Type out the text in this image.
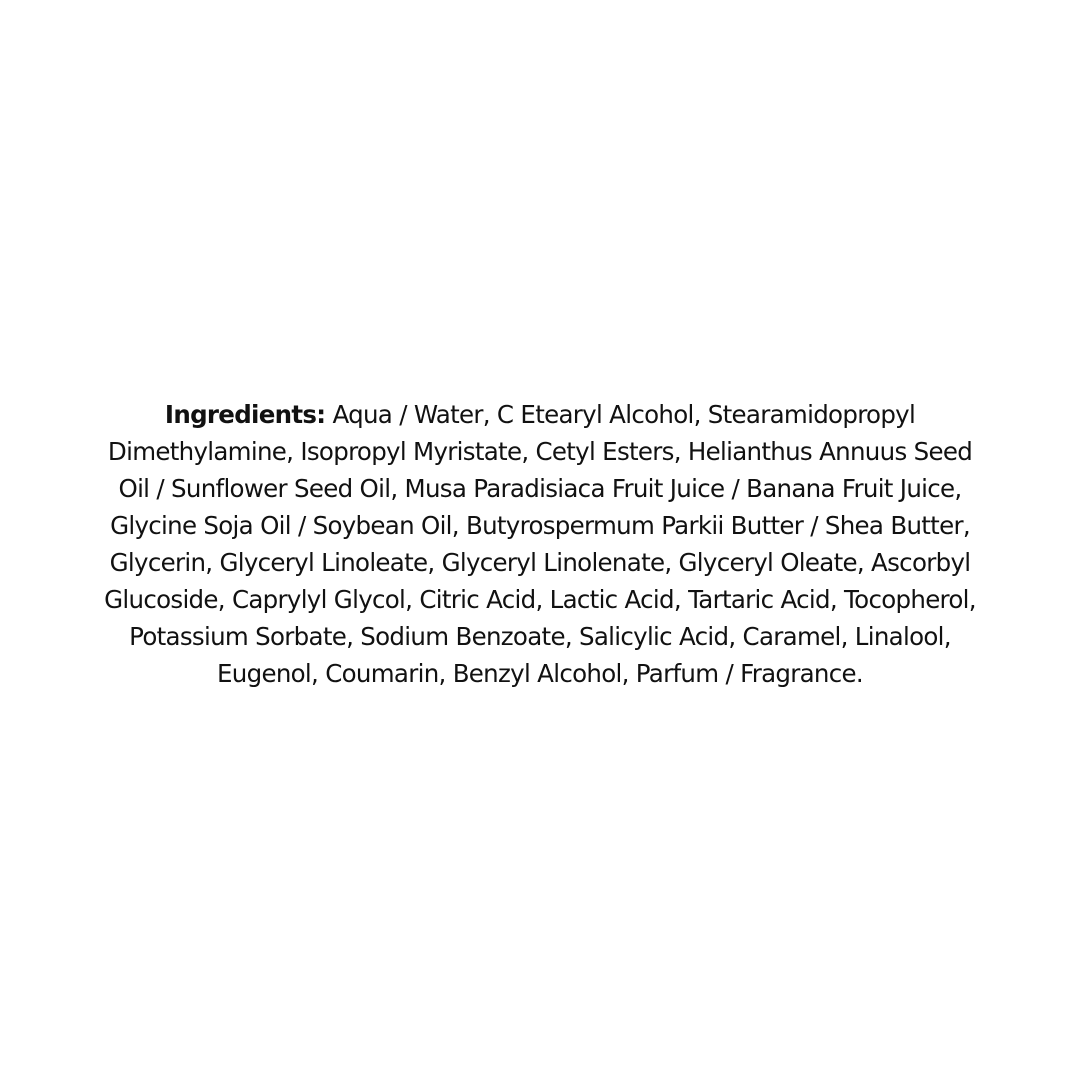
Ingredients: Aqua / Water, C Etearyl Alcohol, Stearamidopropyl Dimethylamine, Isopropyl Myristate, Cetyl Esters, Helianthus Annuus Seed Oil / Sunflower Seed Oil, Musa Paradisiaca Fruit Juice / Banana Fruit Juice, Glycine Soja Oil / Soybean Oil, Butyrospermum Parkii Butter / Shea Butter, Glycerin, Glyceryl Linoleate, Glyceryl Linolenate, Glyceryl Oleate, Ascorbyl Glucoside, Caprylyl Glycol, Citric Acid, Lactic Acid, Tartaric Acid, Tocopherol, Potassium Sorbate, Sodium Benzoate, Salicylic Acid, Caramel, Linalool, Eugenol, Coumarin, Benzyl Alcohol, Parfum / Fragrance.
